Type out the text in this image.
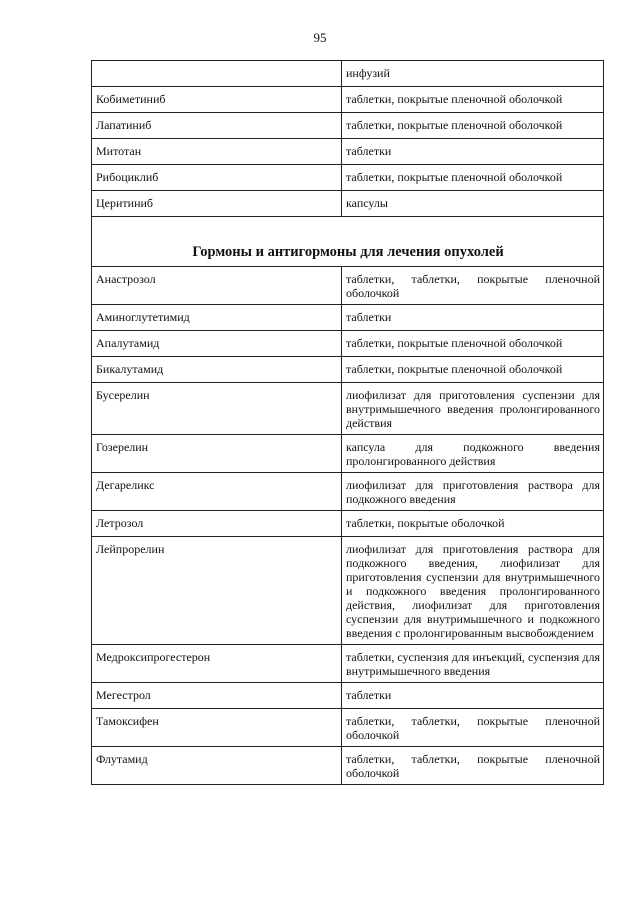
95
	инфузий
Кобиметиниб	таблетки, покрытые пленочной оболочкой
Лапатиниб	таблетки, покрытые пленочной оболочкой
Митотан	таблетки
Рибоциклиб	таблетки, покрытые пленочной оболочкой
Церитиниб	капсулы
Гормоны и антигормоны для лечения опухолей	
Анастрозол	таблетки, таблетки, покрытые пленочной оболочкой
Аминоглутетимид	таблетки
Апалутамид	таблетки, покрытые пленочной оболочкой
Бикалутамид	таблетки, покрытые пленочной оболочкой
Бусерелин	лиофилизат для приготовления суспензии для внутримышечного введения пролонгированного действия
Гозерелин	капсула для подкожного введения пролонгированного действия
Дегареликс	лиофилизат для приготовления раствора для подкожного введения
Летрозол	таблетки, покрытые оболочкой
Лейпрорелин	лиофилизат для приготовления раствора для подкожного введения, лиофилизат для приготовления суспензии для внутримышечного и подкожного введения пролонгированного действия, лиофилизат для приготовления суспензии для внутримышечного и подкожного введения с пролонгированным высвобождением
Медроксипрогестерон	таблетки, суспензия для инъекций, суспензия для внутримышечного введения
Мегестрол	таблетки
Тамоксифен	таблетки, таблетки, покрытые пленочной оболочкой
Флутамид	таблетки, таблетки, покрытые пленочной оболочкой
